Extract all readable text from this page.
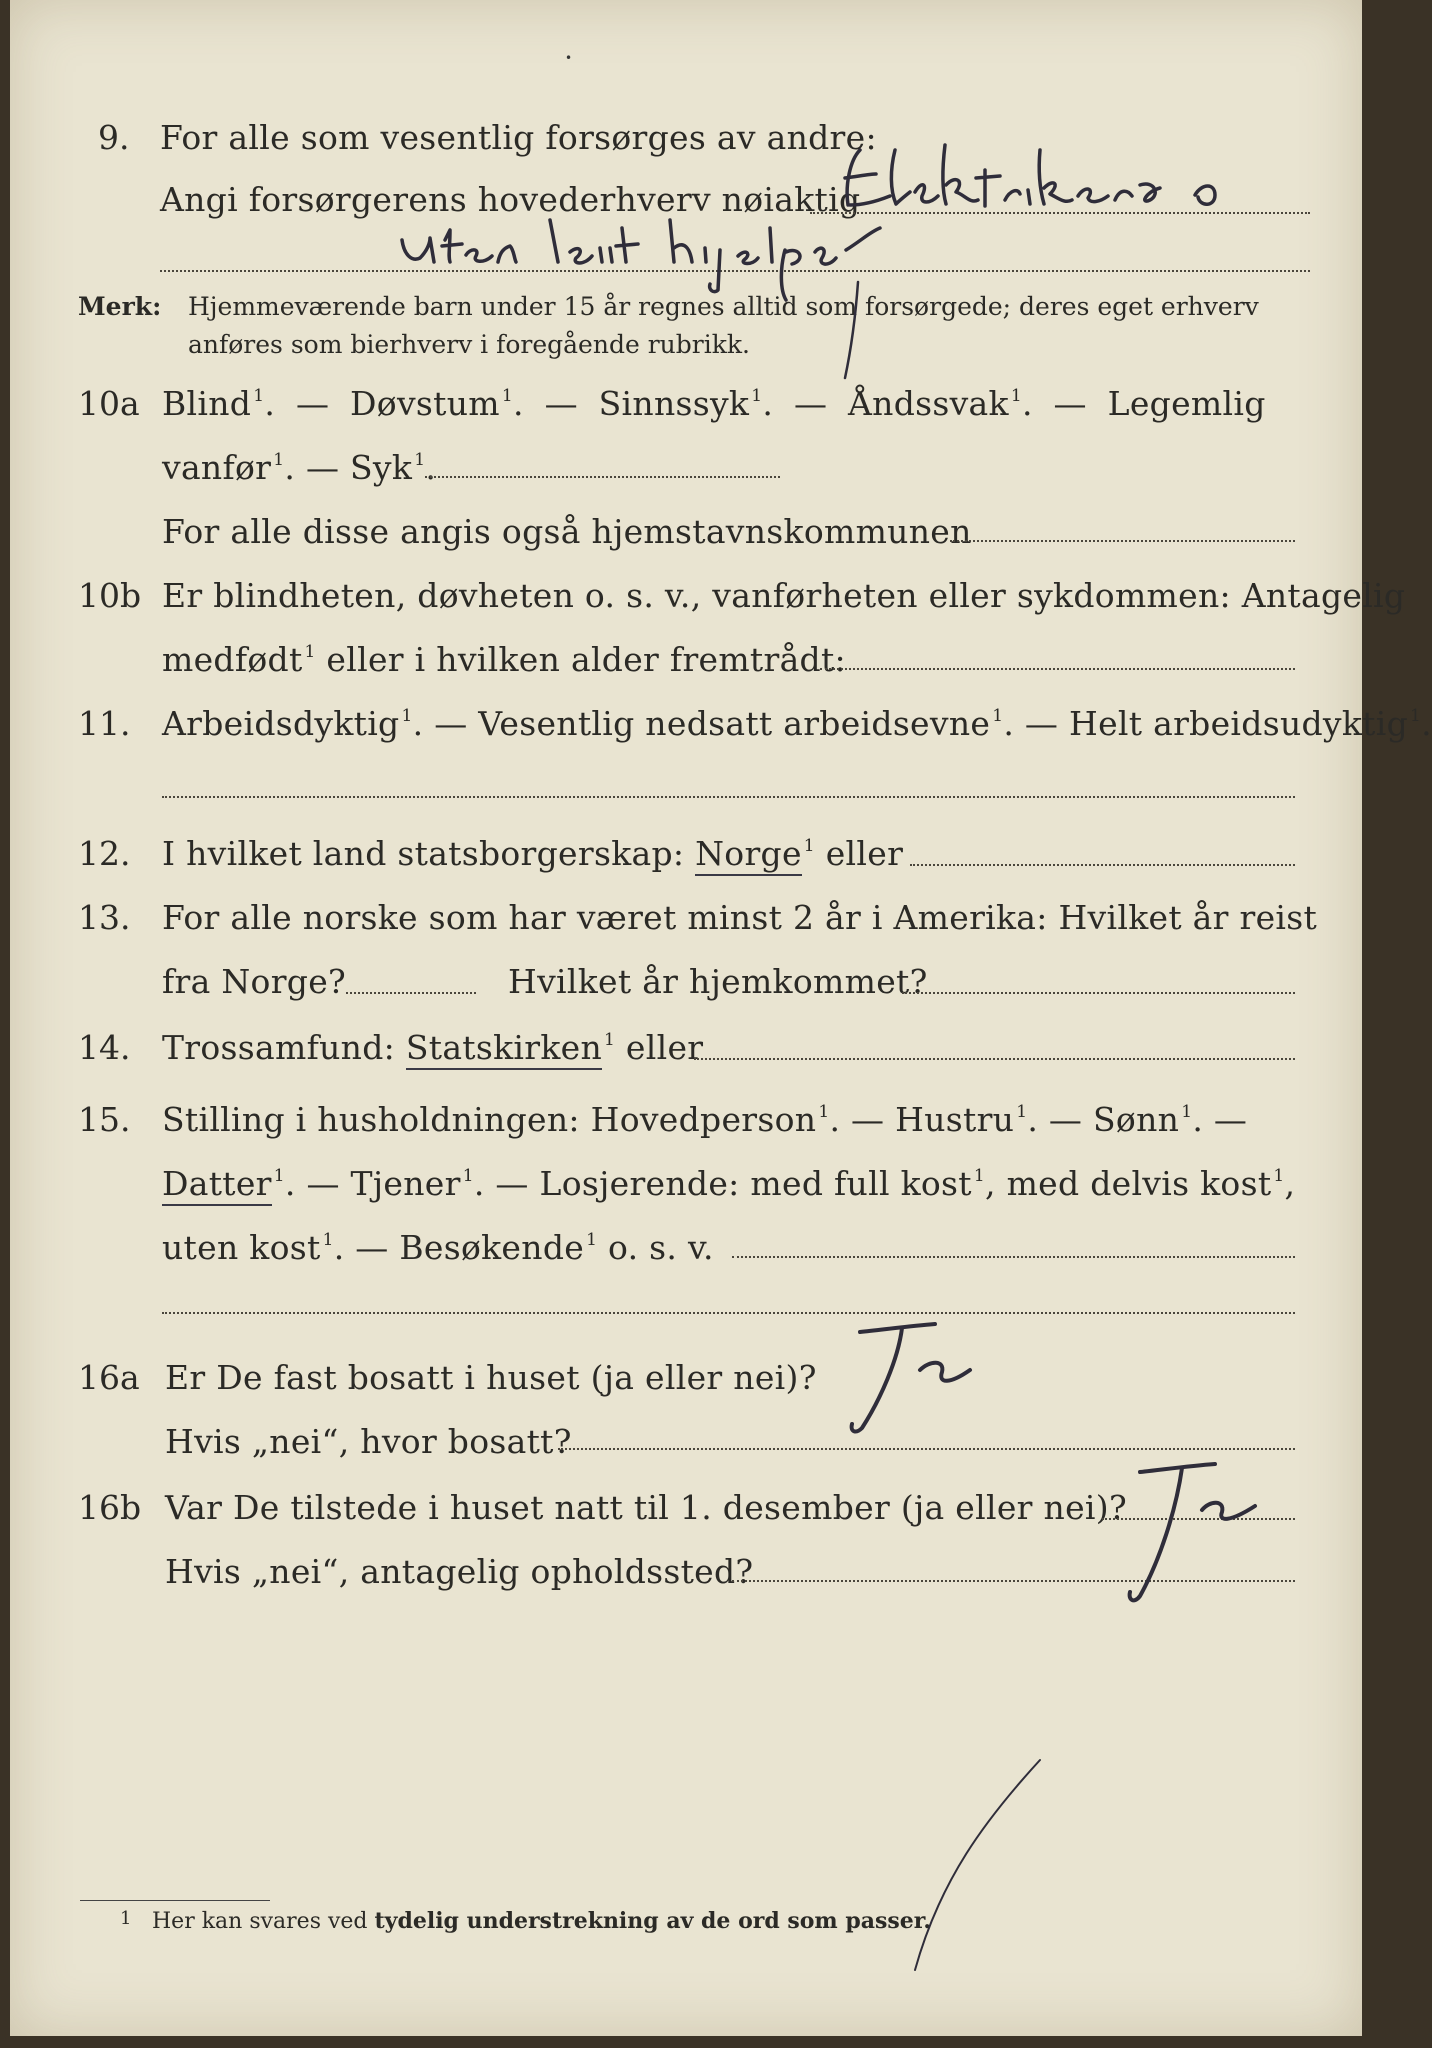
9. For alle som vesentlig forsørges av andre:
Angi forsørgerens hovederhverv nøiaktig
Merk: Hjemmeværende barn under 15 år regnes alltid som forsørgede; deres eget erhverv
anføres som bierhverv i foregående rubrikk.
10a Blind $^1$. — Døvstum $^1$. — Sinnssyk $^1$. — Åndssvak $^1$. — Legemlig
vanfør $^1$. — Syk $^1$.
For alle disse angis også hjemstavnskommunen
10b Er blindheten, døvheten o. s. v., vanførheten eller sykdommen: Antagelig
medfødt $^1$ eller i hvilken alder fremtrådt:
11. Arbeidsdyktig $^1$. — Vesentlig nedsatt arbeidsevne $^1$. — Helt arbeidsudyktig $^1$.
12. I hvilket land statsborgerskap: Norge $^1$ eller
13. For alle norske som har været minst 2 år i Amerika: Hvilket år reist
fra Norge?	Hvilket år hjemkommet?
14. Trossamfund: Statskirken $^1$ eller
15. Stilling i husholdningen: Hovedperson $^1$. — Hustru $^1$. — Sønn $^1$. —
Datter $^1$. — Tjener $^1$. — Losjerende: med full kost $^1$, med delvis kost $^1$,
uten kost $^1$. — Besøkende $^1$ o. s. v.
16a Er De fast bosatt i huset (ja eller nei)?
Hvis „nei“, hvor bosatt?
16b Var De tilstede i huset natt til 1. desember (ja eller nei)?
Hvis „nei“, antagelig opholdssted?
1 Her kan svares ved tydelig understrekning av de ord som passer.
•
